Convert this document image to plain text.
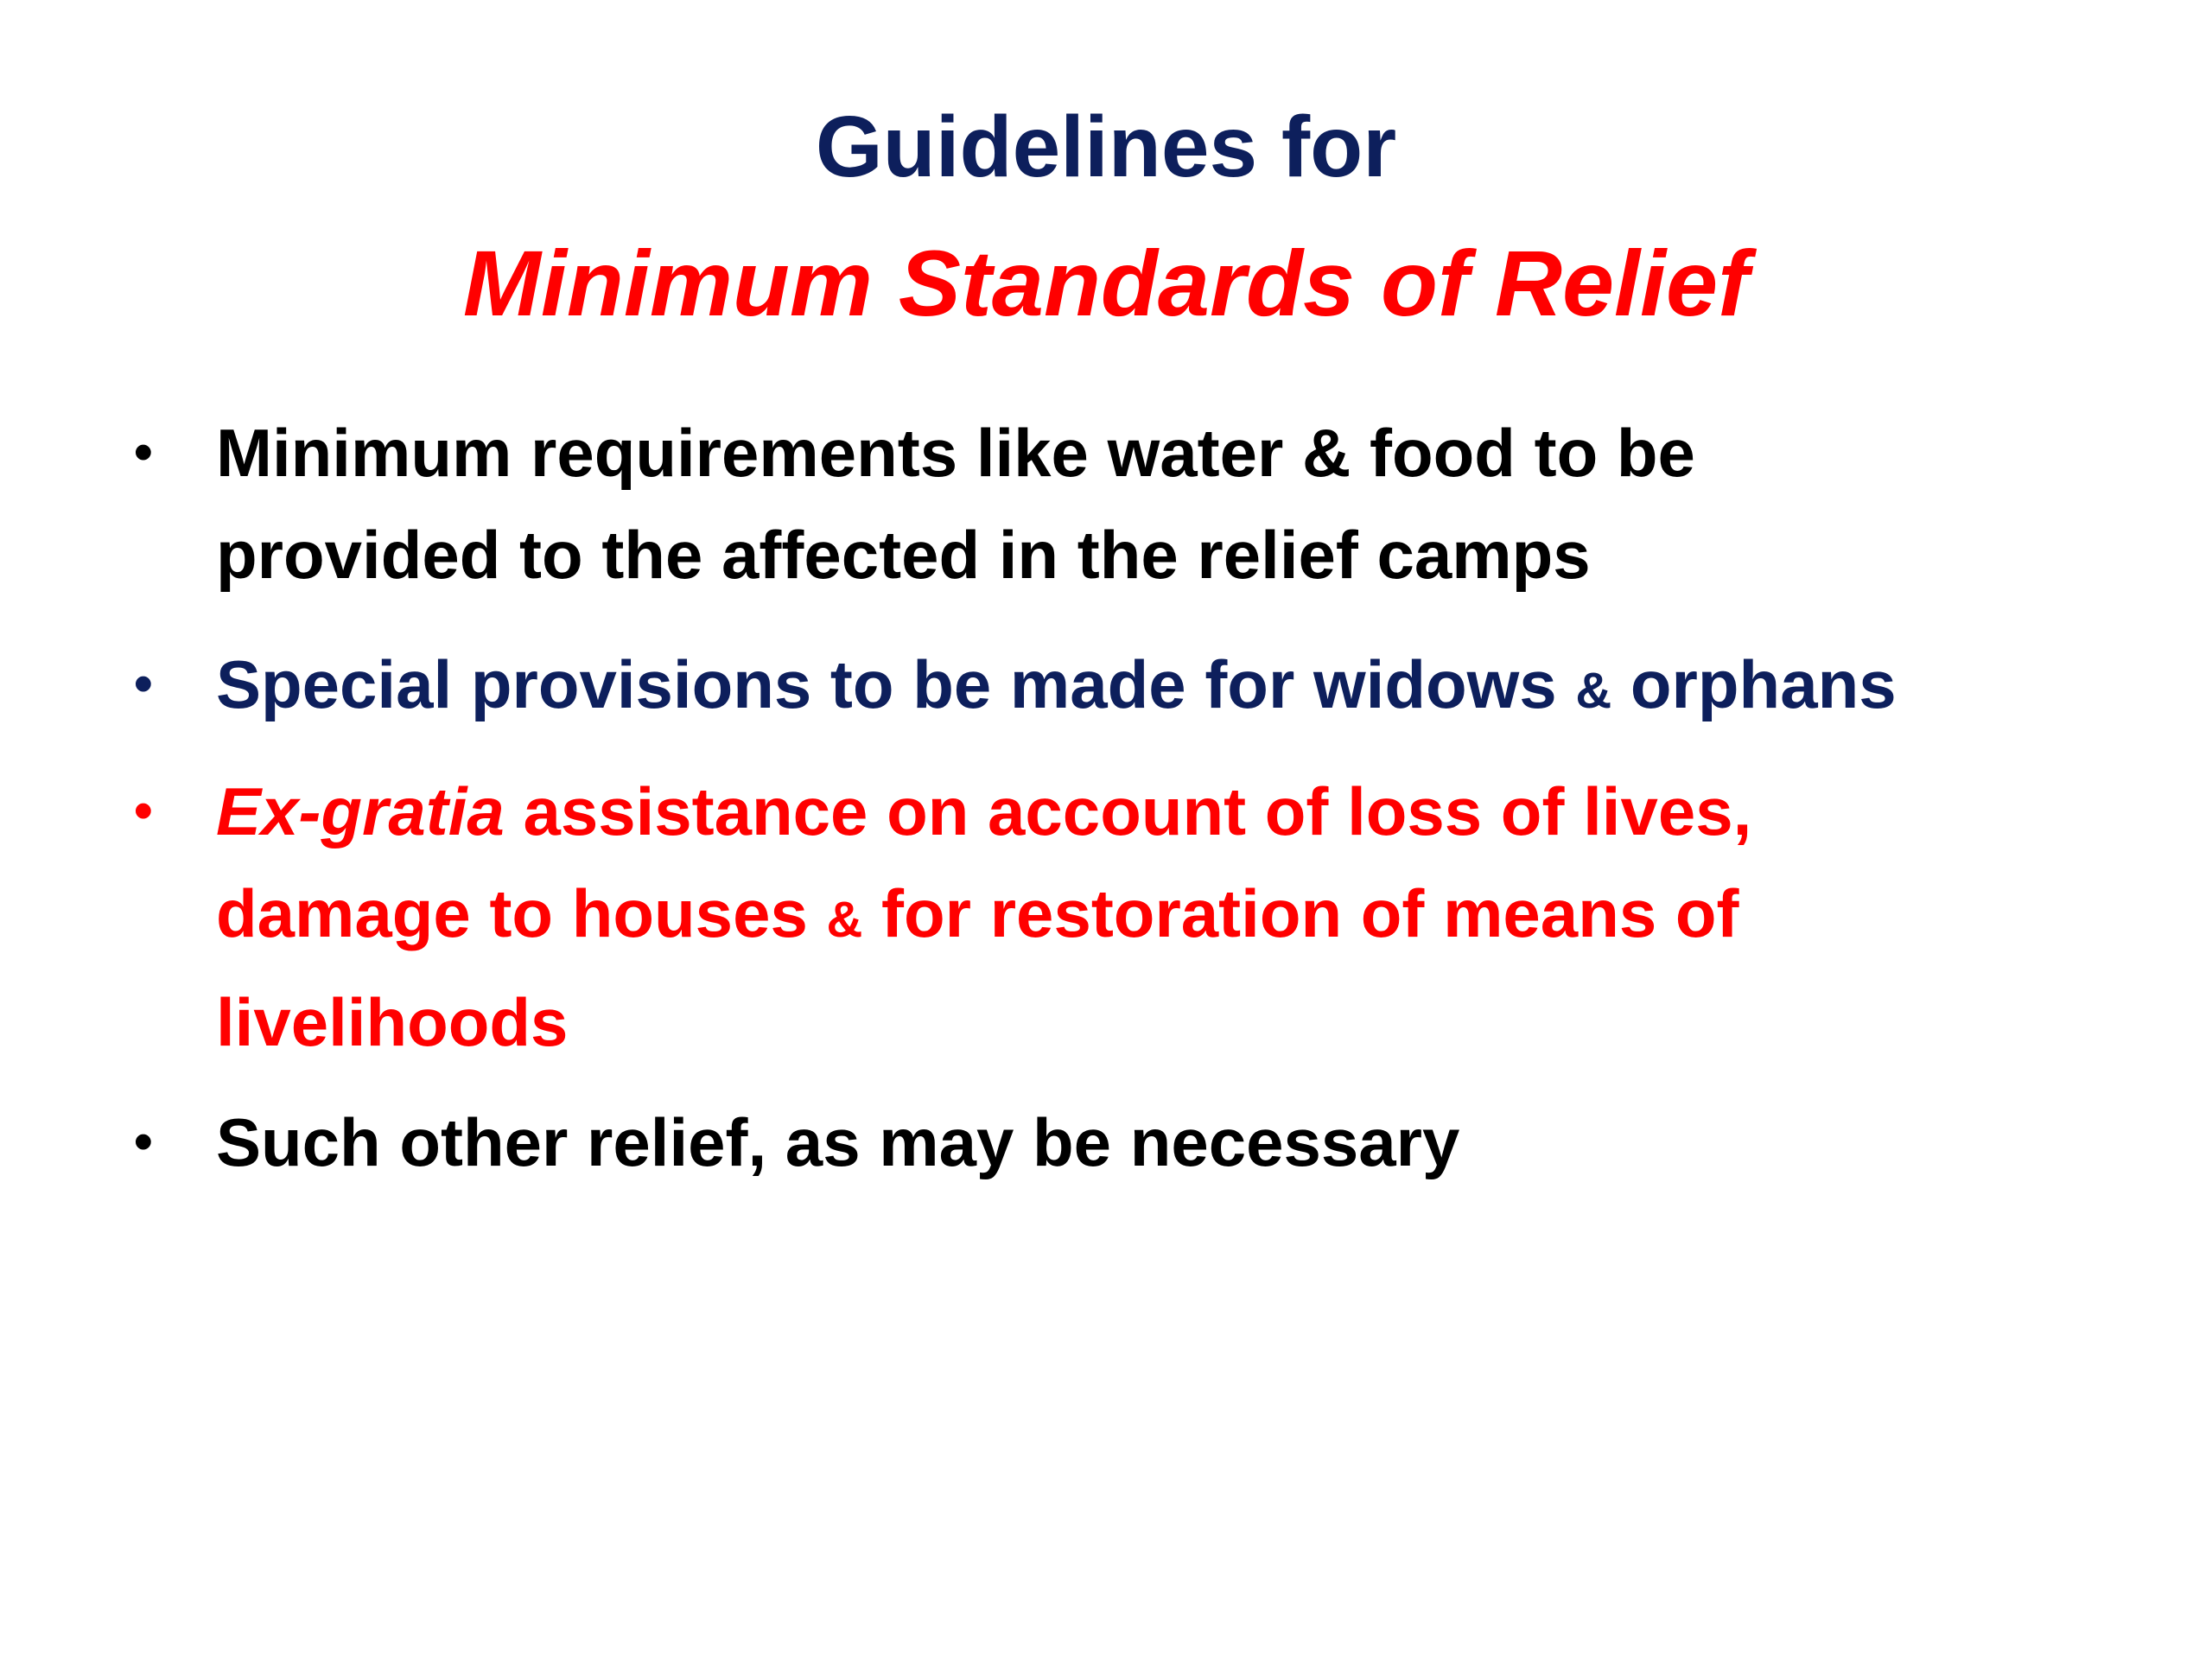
Guidelines for
Minimum Standards of Relief
• Minimum requirements like water & food to be
provided to the affected in the relief camps
• Special provisions to be made for widows & orphans
• Ex-gratia assistance on account of loss of lives,
damage to houses & for restoration of means of
livelihoods
• Such other relief, as may be necessary
